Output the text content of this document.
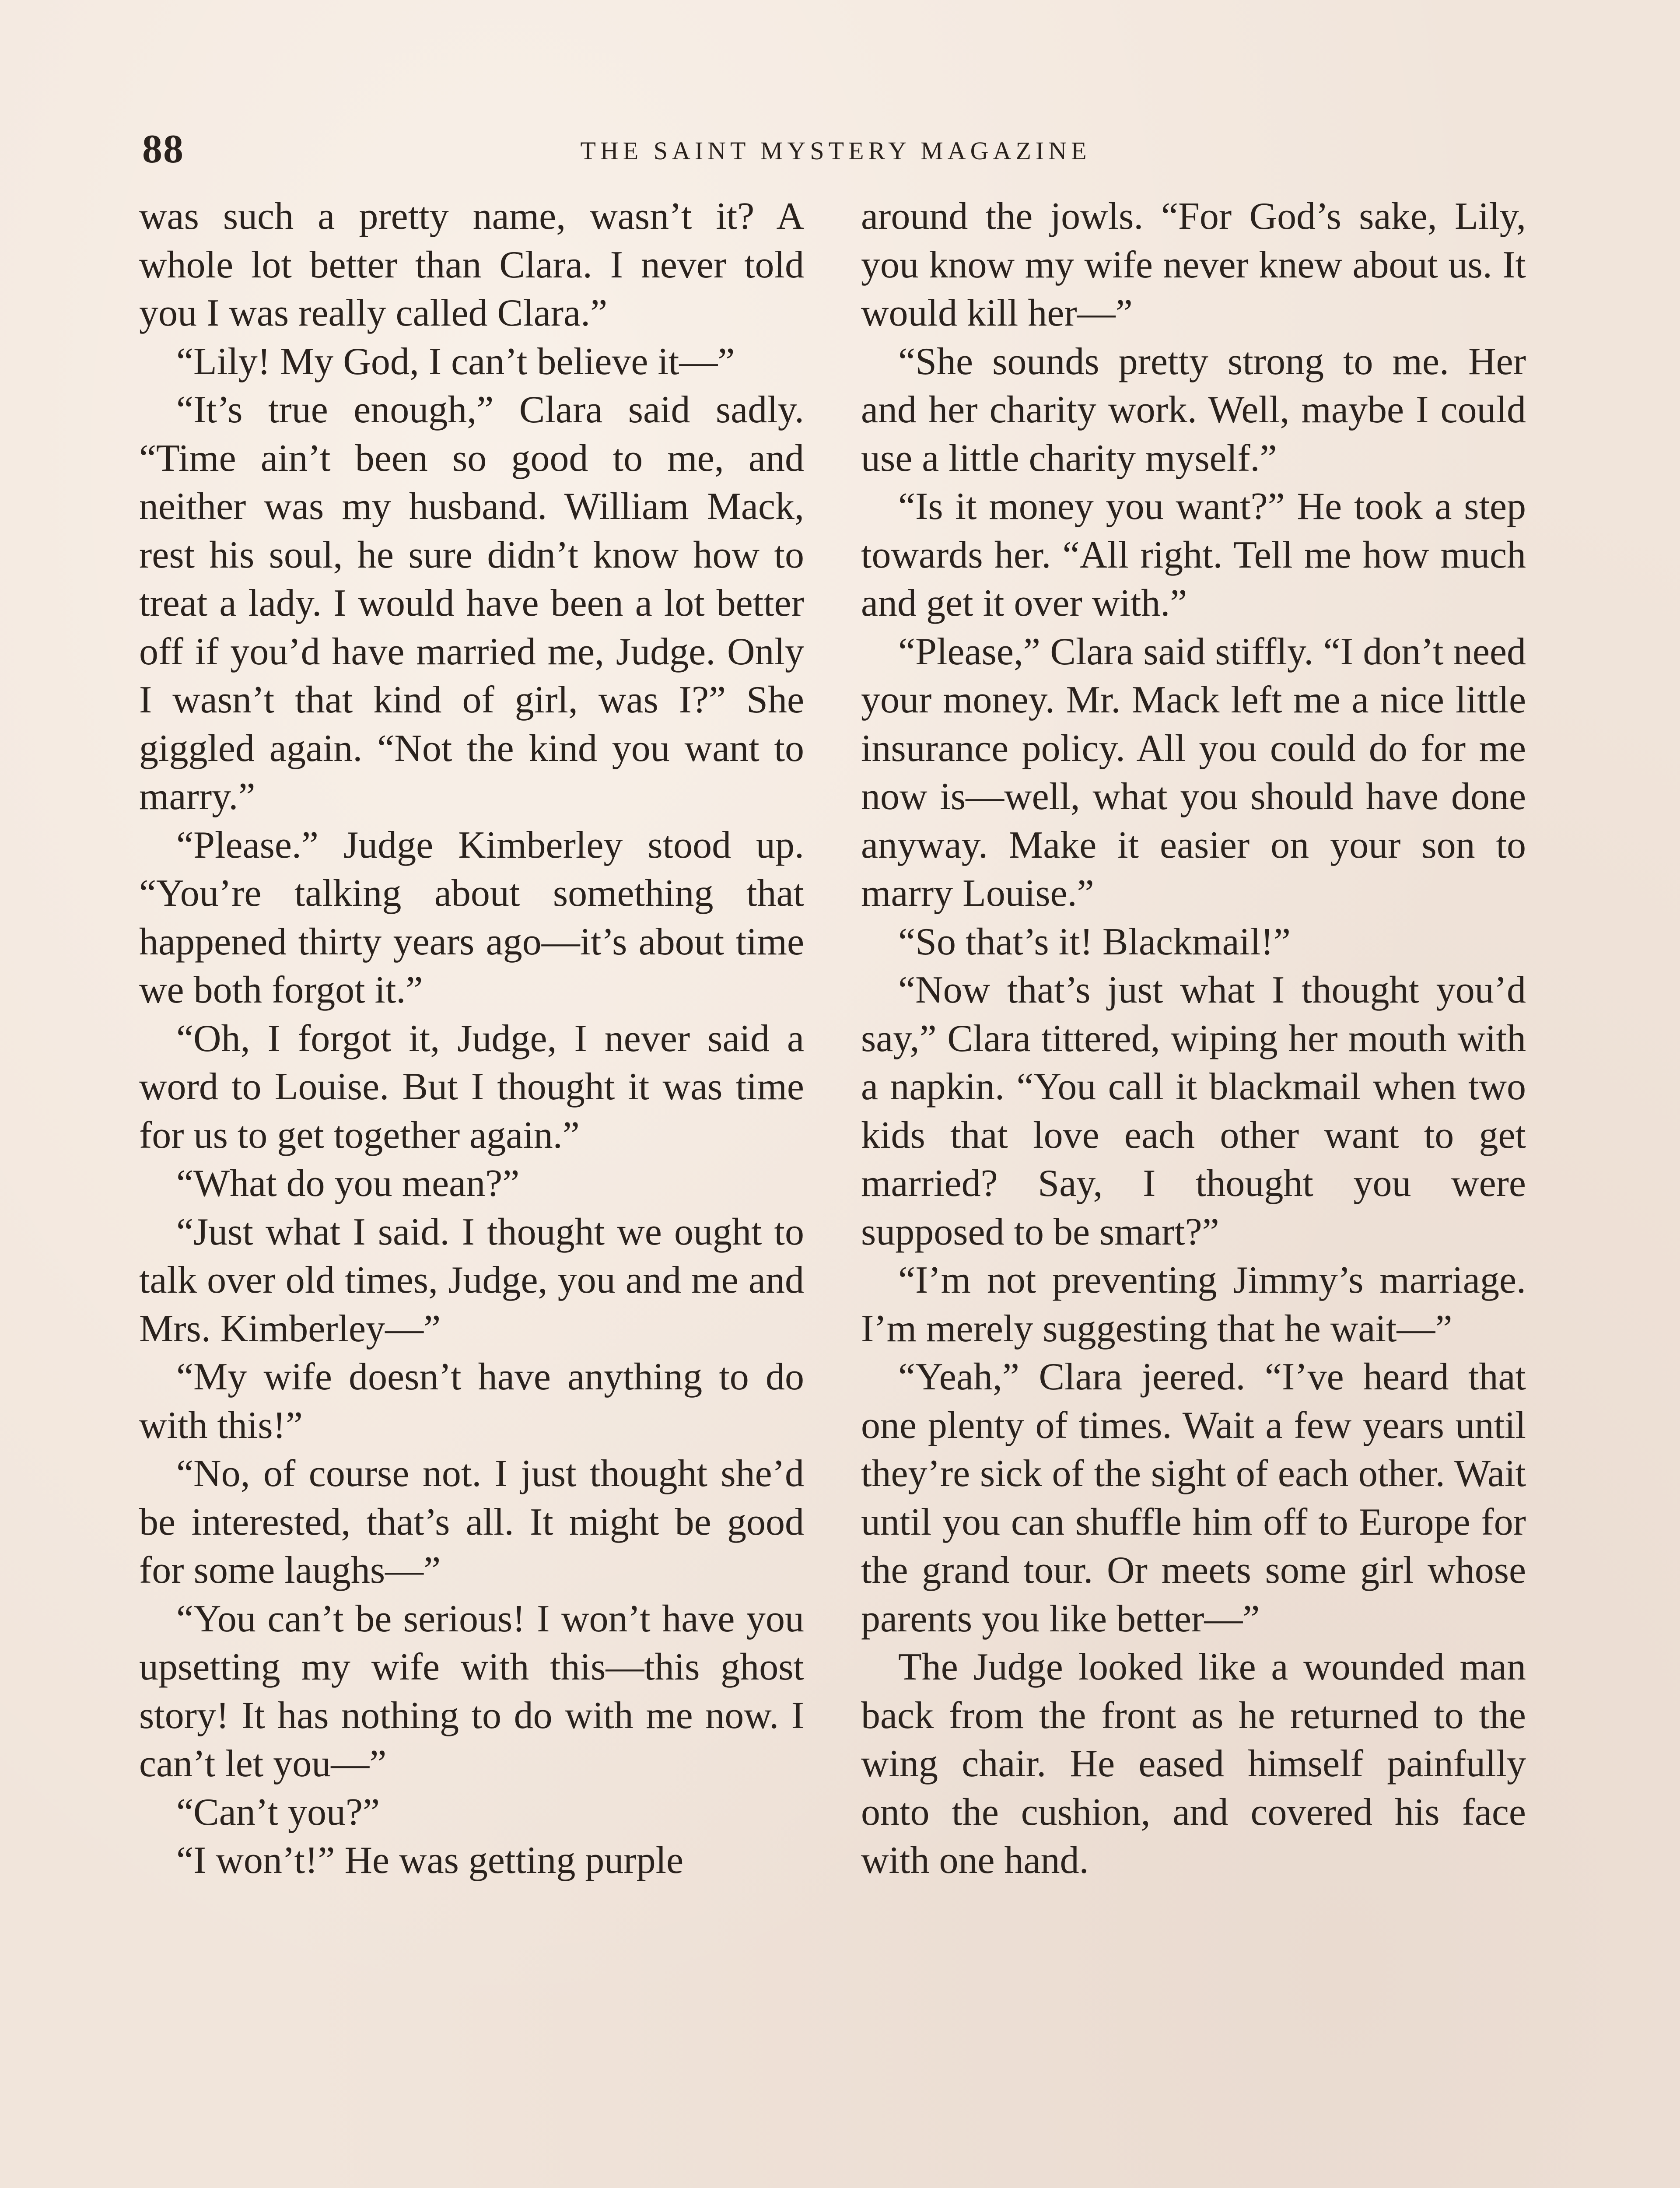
88	THE SAINT MYSTERY MAGAZINE

was such a pretty name, wasn’t it? A whole lot better than Clara. I never told you I was really called Clara.”

“Lily! My God, I can’t believe it—”

“It’s true enough,” Clara said sadly. “Time ain’t been so good to me, and neither was my husband. William Mack, rest his soul, he sure didn’t know how to treat a lady. I would have been a lot better off if you’d have married me, Judge. Only I wasn’t that kind of girl, was I?” She giggled again. “Not the kind you want to marry.”

“Please.” Judge Kimberley stood up. “You’re talking about something that happened thirty years ago—it’s about time we both forgot it.”

“Oh, I forgot it, Judge, I never said a word to Louise. But I thought it was time for us to get together again.”

“What do you mean?”

“Just what I said. I thought we ought to talk over old times, Judge, you and me and Mrs. Kimberley—”

“My wife doesn’t have anything to do with this!”

“No, of course not. I just thought she’d be interested, that’s all. It might be good for some laughs—”

“You can’t be serious! I won’t have you upsetting my wife with this—this ghost story! It has nothing to do with me now. I can’t let you—”

“Can’t you?”

“I won’t!” He was getting purple

around the jowls. “For God’s sake, Lily, you know my wife never knew about us. It would kill her—”

“She sounds pretty strong to me. Her and her charity work. Well, maybe I could use a little charity myself.”

“Is it money you want?” He took a step towards her. “All right. Tell me how much and get it over with.”

“Please,” Clara said stiffly. “I don’t need your money. Mr. Mack left me a nice little insurance policy. All you could do for me now is—well, what you should have done anyway. Make it easier on your son to marry Louise.”

“So that’s it! Blackmail!”

“Now that’s just what I thought you’d say,” Clara tittered, wiping her mouth with a napkin. “You call it blackmail when two kids that love each other want to get married? Say, I thought you were supposed to be smart?”

“I’m not preventing Jimmy’s marriage. I’m merely suggesting that he wait—”

“Yeah,” Clara jeered. “I’ve heard that one plenty of times. Wait a few years until they’re sick of the sight of each other. Wait until you can shuffle him off to Europe for the grand tour. Or meets some girl whose parents you like better—”

The Judge looked like a wounded man back from the front as he returned to the wing chair. He eased himself painfully onto the cushion, and covered his face with one hand.
